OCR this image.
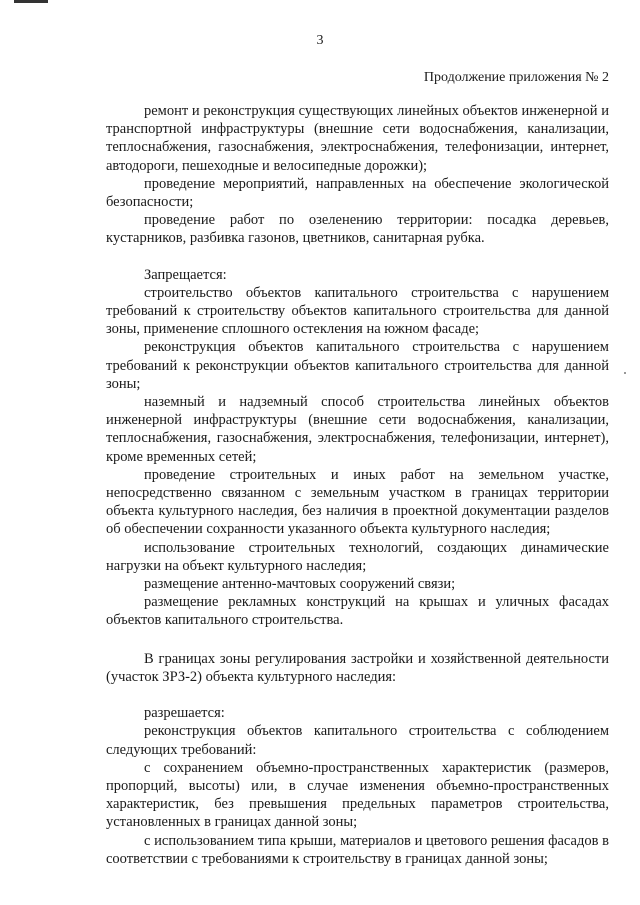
3
Продолжение приложения № 2

ремонт и реконструкция существующих линейных объектов инженерной и транспортной инфраструктуры (внешние сети водоснабжения, канализации, теплоснабжения, газоснабжения, электроснабжения, телефонизации, интернет, автодороги, пешеходные и велосипедные дорожки);

проведение мероприятий, направленных на обеспечение экологической безопасности;

проведение работ по озеленению территории: посадка деревьев, кустарников, разбивка газонов, цветников, санитарная рубка.

Запрещается:

строительство объектов капитального строительства с нарушением требований к строительству объектов капитального строительства для данной зоны, применение сплошного остекления на южном фасаде;

реконструкция объектов капитального строительства с нарушением требований к реконструкции объектов капитального строительства для данной зоны;

наземный и надземный способ строительства линейных объектов инженерной инфраструктуры (внешние сети водоснабжения, канализации, теплоснабжения, газоснабжения, электроснабжения, телефонизации, интернет), кроме временных сетей;

проведение строительных и иных работ на земельном участке, непосредственно связанном с земельным участком в границах территории объекта культурного наследия, без наличия в проектной документации разделов об обеспечении сохранности указанного объекта культурного наследия;

использование строительных технологий, создающих динамические нагрузки на объект культурного наследия;

размещение антенно-мачтовых сооружений связи;

размещение рекламных конструкций на крышах и уличных фасадах объектов капитального строительства.

В границах зоны регулирования застройки и хозяйственной деятельности (участок ЗРЗ-2) объекта культурного наследия:

разрешается:

реконструкция объектов капитального строительства с соблюдением следующих требований:

с сохранением объемно-пространственных характеристик (размеров, пропорций, высоты) или, в случае изменения объемно-пространственных характеристик, без превышения предельных параметров строительства, установленных в границах данной зоны;

с использованием типа крыши, материалов и цветового решения фасадов в соответствии с требованиями к строительству в границах данной зоны;
